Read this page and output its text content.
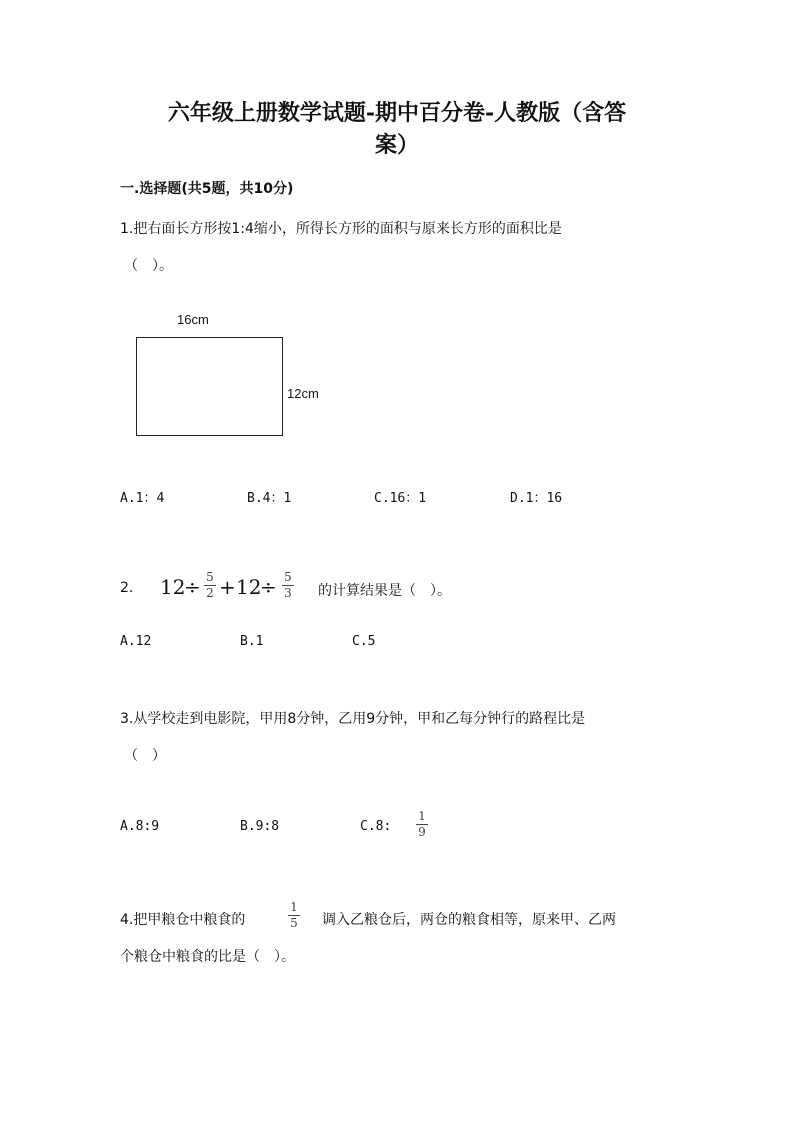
六年级上册数学试题-期中百分卷-人教版（含答
案）
一.选择题(共5题，共10分)
1.把右面长方形按1:4缩小，所得长方形的面积与原来长方形的面积比是
（　）。
16cm
12cm
A.1：4	B.4：1	C.16：1	D.1：16
2. 12
÷ 5
2 + 12
÷ 5
3 的计算结果是（　）。
A.12	B.1	C.5
3.从学校走到电影院，甲用8分钟，乙用9分钟，甲和乙每分钟行的路程比是
（　）
A.8:9	B.9:8	C.8:
1
9
4.把甲粮仓中粮食的
1
5 调入乙粮仓后，两仓的粮食相等，原来甲、乙两
个粮仓中粮食的比是（　）。
